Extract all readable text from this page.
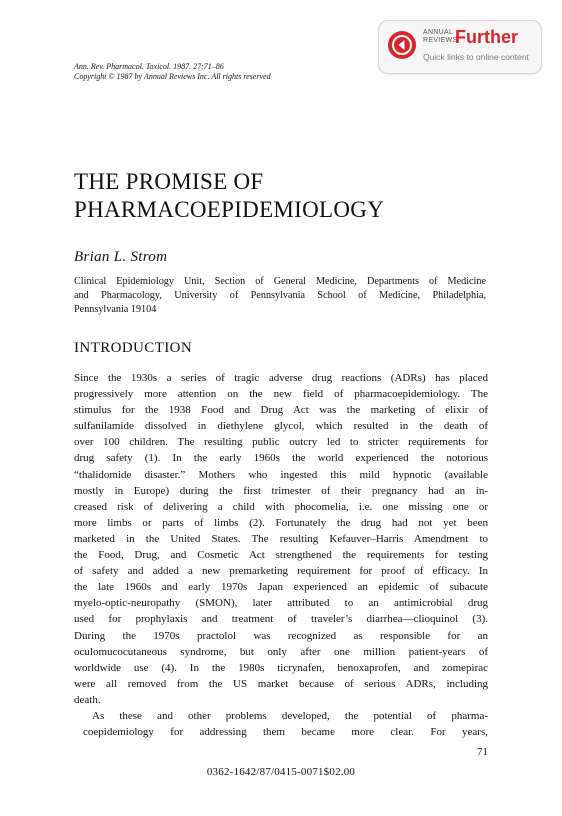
ANNUAL
REVIEWS
Further
Quick links to online content
Ann. Rev. Pharmacol. Toxicol. 1987. 27:71–86
Copyright © 1987 by Annual Reviews Inc. All rights reserved
THE PROMISE OF
PHARMACOEPIDEMIOLOGY
Brian L. Strom
Clinical Epidemiology Unit, Section of General Medicine, Departments of Medicine
and Pharmacology, University of Pennsylvania School of Medicine, Philadelphia,
Pennsylvania 19104
INTRODUCTION

Since the 1930s a series of tragic adverse drug reactions (ADRs) has placed
progressively more attention on the new field of pharmacoepidemiology. The
stimulus for the 1938 Food and Drug Act was the marketing of elixir of
sulfanilamide dissolved in diethylene glycol, which resulted in the death of
over 100 children. The resulting public outcry led to stricter requirements for
drug safety (1). In the early 1960s the world experienced the notorious
“thalidomide disaster.” Mothers who ingested this mild hypnotic (available
mostly in Europe) during the first trimester of their pregnancy had an in-
creased risk of delivering a child with phocomelia, i.e. one missing one or
more limbs or parts of limbs (2). Fortunately the drug had not yet been
marketed in the United States. The resulting Kefauver–Harris Amendment to
the Food, Drug, and Cosmetic Act strengthened the requirements for testing
of safety and added a new premarketing requirement for proof of efficacy. In
the late 1960s and early 1970s Japan experienced an epidemic of subacute
myelo-optic-neuropathy (SMON), later attributed to an antimicrobial drug
used for prophylaxis and treatment of traveler’s diarrhea—clioquinol (3).
During the 1970s practolol was recognized as responsible for an
oculomucocutaneous syndrome, but only after one million patient-years of
worldwide use (4). In the 1980s ticrynafen, benoxaprofen, and zomepirac
were all removed from the US market because of serious ADRs, including
death.

As these and other problems developed, the potential of pharma-
coepidemiology for addressing them became more clear. For years,

71
0362-1642/87/0415-0071$02.00
